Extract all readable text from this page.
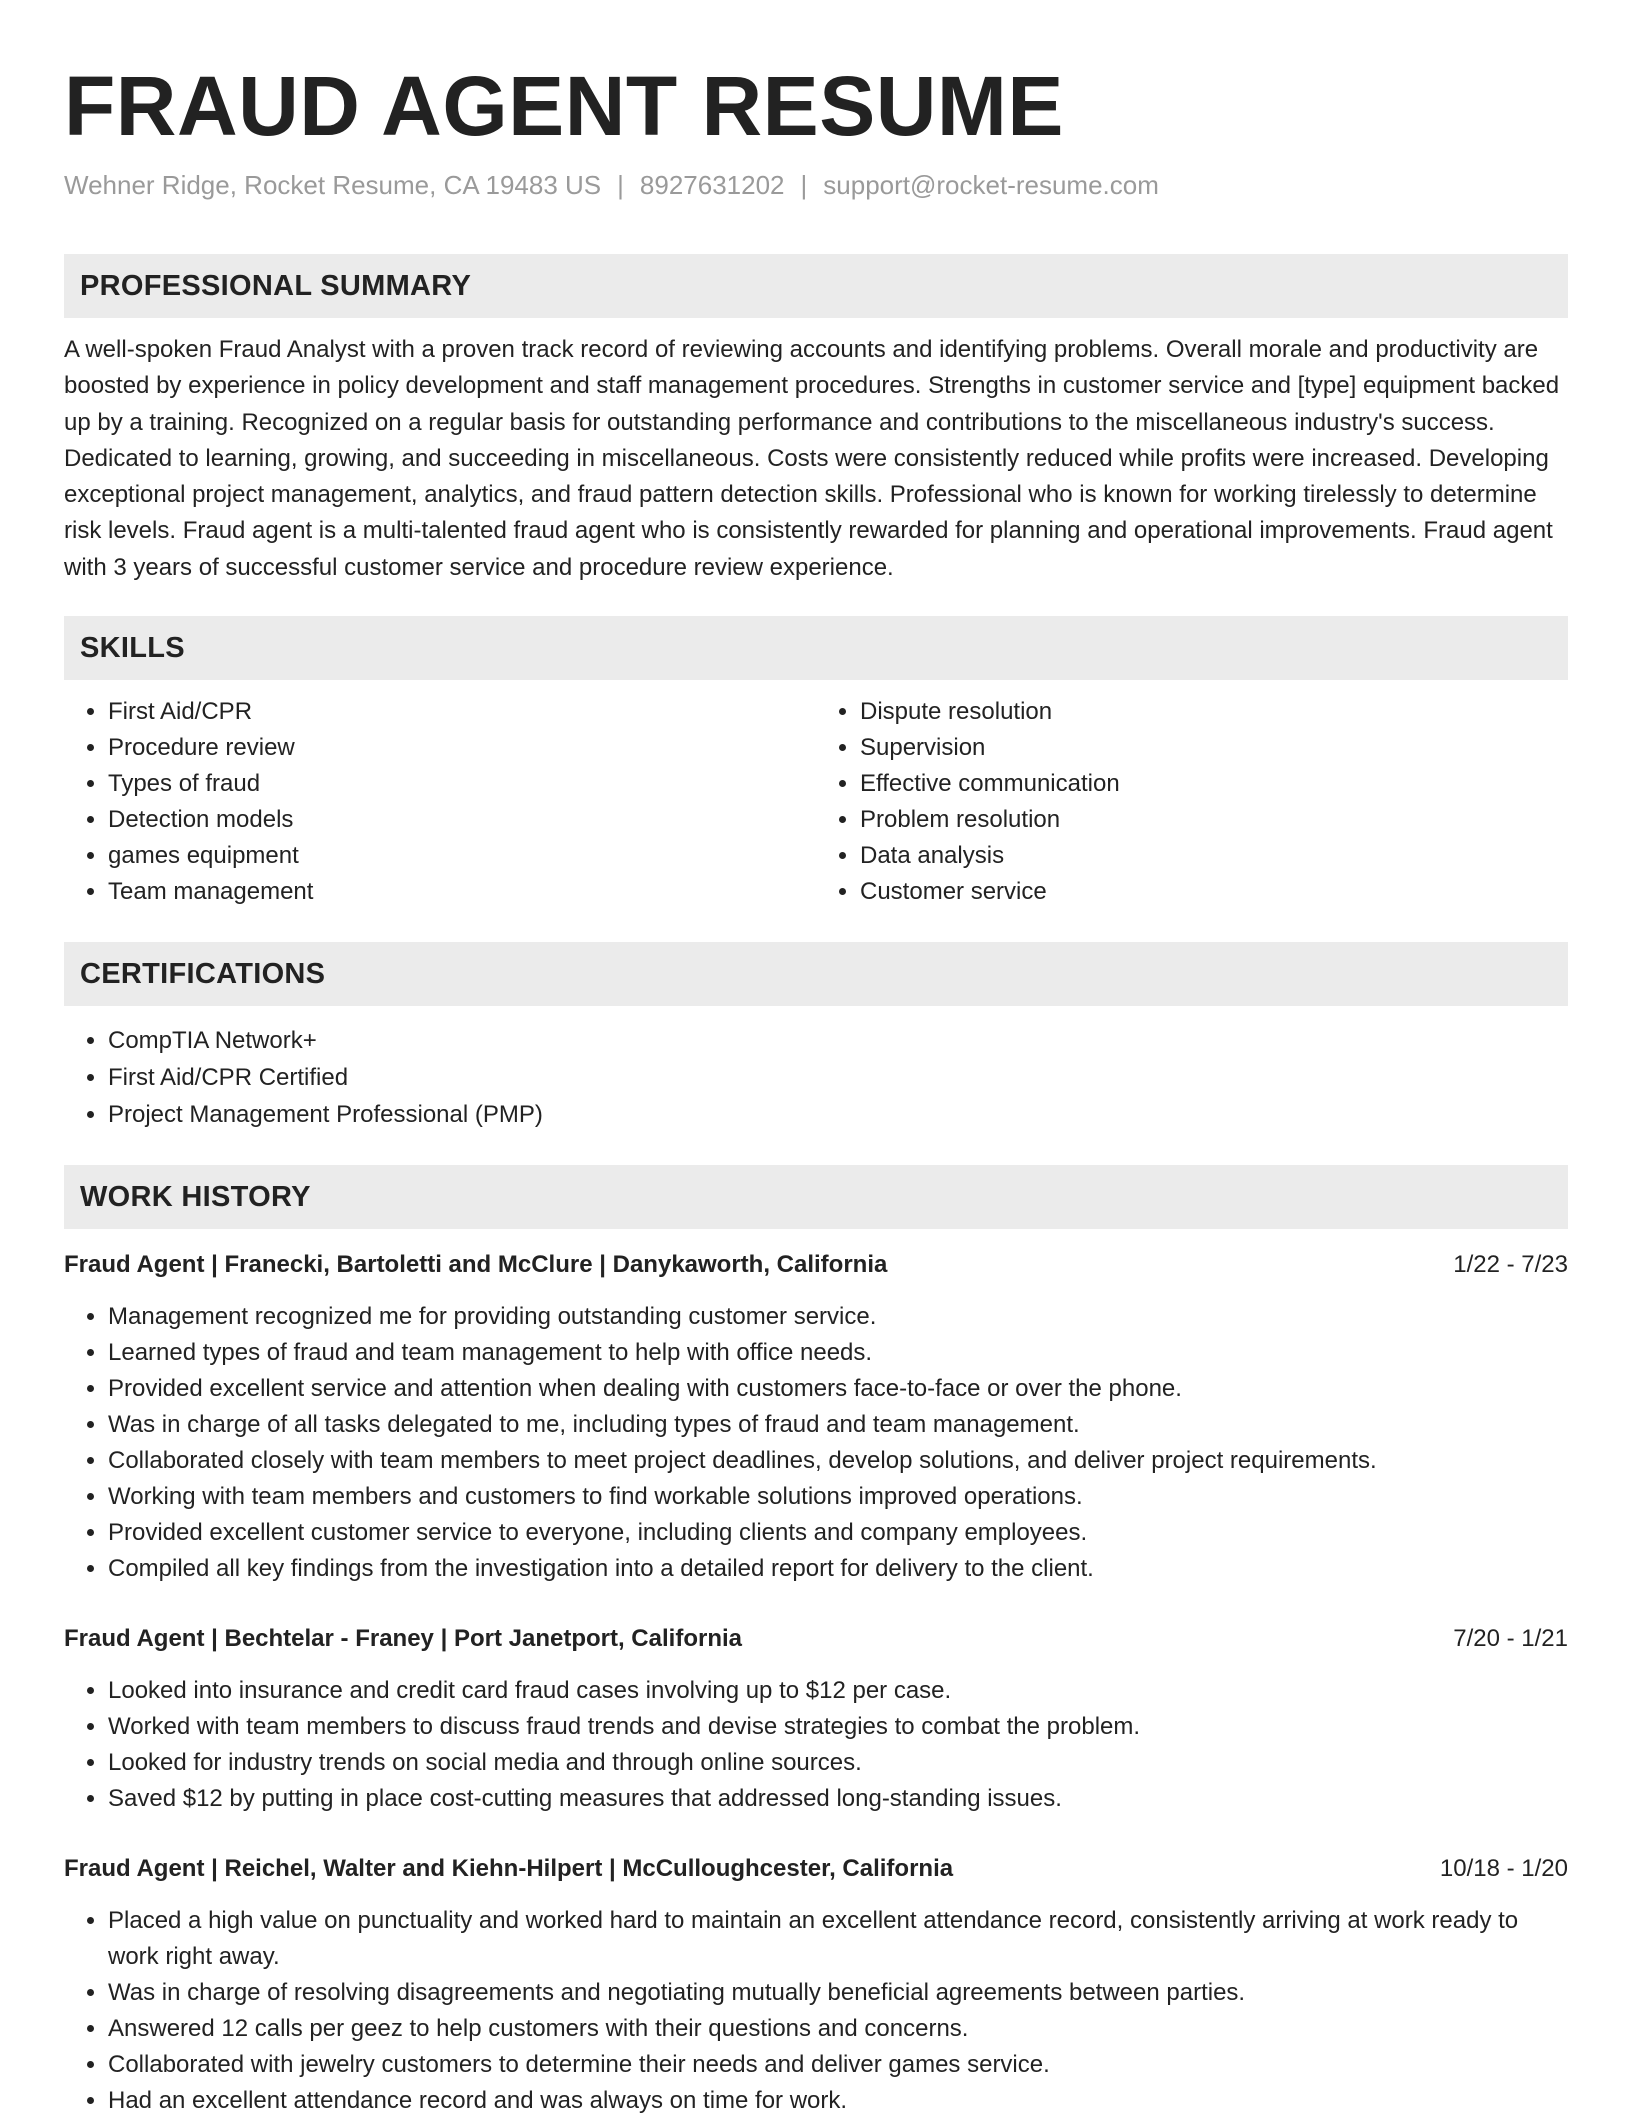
FRAUD AGENT RESUME
Wehner Ridge, Rocket Resume, CA 19483 US | 8927631202 | support@rocket-resume.com
PROFESSIONAL SUMMARY

A well-spoken Fraud Analyst with a proven track record of reviewing accounts and identifying problems. Overall morale and productivity are boosted by experience in policy development and staff management procedures. Strengths in customer service and [type] equipment backed up by a training. Recognized on a regular basis for outstanding performance and contributions to the miscellaneous industry's success. Dedicated to learning, growing, and succeeding in miscellaneous. Costs were consistently reduced while profits were increased. Developing exceptional project management, analytics, and fraud pattern detection skills. Professional who is known for working tirelessly to determine risk levels. Fraud agent is a multi-talented fraud agent who is consistently rewarded for planning and operational improvements. Fraud agent with 3 years of successful customer service and procedure review experience.

SKILLS
• First Aid/CPR
• Procedure review
• Types of fraud
• Detection models
• games equipment
• Team management
• Dispute resolution
• Supervision
• Effective communication
• Problem resolution
• Data analysis
• Customer service
CERTIFICATIONS
• CompTIA Network+
• First Aid/CPR Certified
• Project Management Professional (PMP)
WORK HISTORY
Fraud Agent | Franecki, Bartoletti and McClure | Danykaworth, California	1/22 - 7/23
• Management recognized me for providing outstanding customer service.
• Learned types of fraud and team management to help with office needs.
• Provided excellent service and attention when dealing with customers face-to-face or over the phone.
• Was in charge of all tasks delegated to me, including types of fraud and team management.
• Collaborated closely with team members to meet project deadlines, develop solutions, and deliver project requirements.
• Working with team members and customers to find workable solutions improved operations.
• Provided excellent customer service to everyone, including clients and company employees.
• Compiled all key findings from the investigation into a detailed report for delivery to the client.
Fraud Agent | Bechtelar - Franey | Port Janetport, California	7/20 - 1/21
• Looked into insurance and credit card fraud cases involving up to $12 per case.
• Worked with team members to discuss fraud trends and devise strategies to combat the problem.
• Looked for industry trends on social media and through online sources.
• Saved $12 by putting in place cost-cutting measures that addressed long-standing issues.
Fraud Agent | Reichel, Walter and Kiehn-Hilpert | McCulloughcester, California	10/18 - 1/20
• Placed a high value on punctuality and worked hard to maintain an excellent attendance record, consistently arriving at work ready to work right away.
• Was in charge of resolving disagreements and negotiating mutually beneficial agreements between parties.
• Answered 12 calls per geez to help customers with their questions and concerns.
• Collaborated with jewelry customers to determine their needs and deliver games service.
• Had an excellent attendance record and was always on time for work.
